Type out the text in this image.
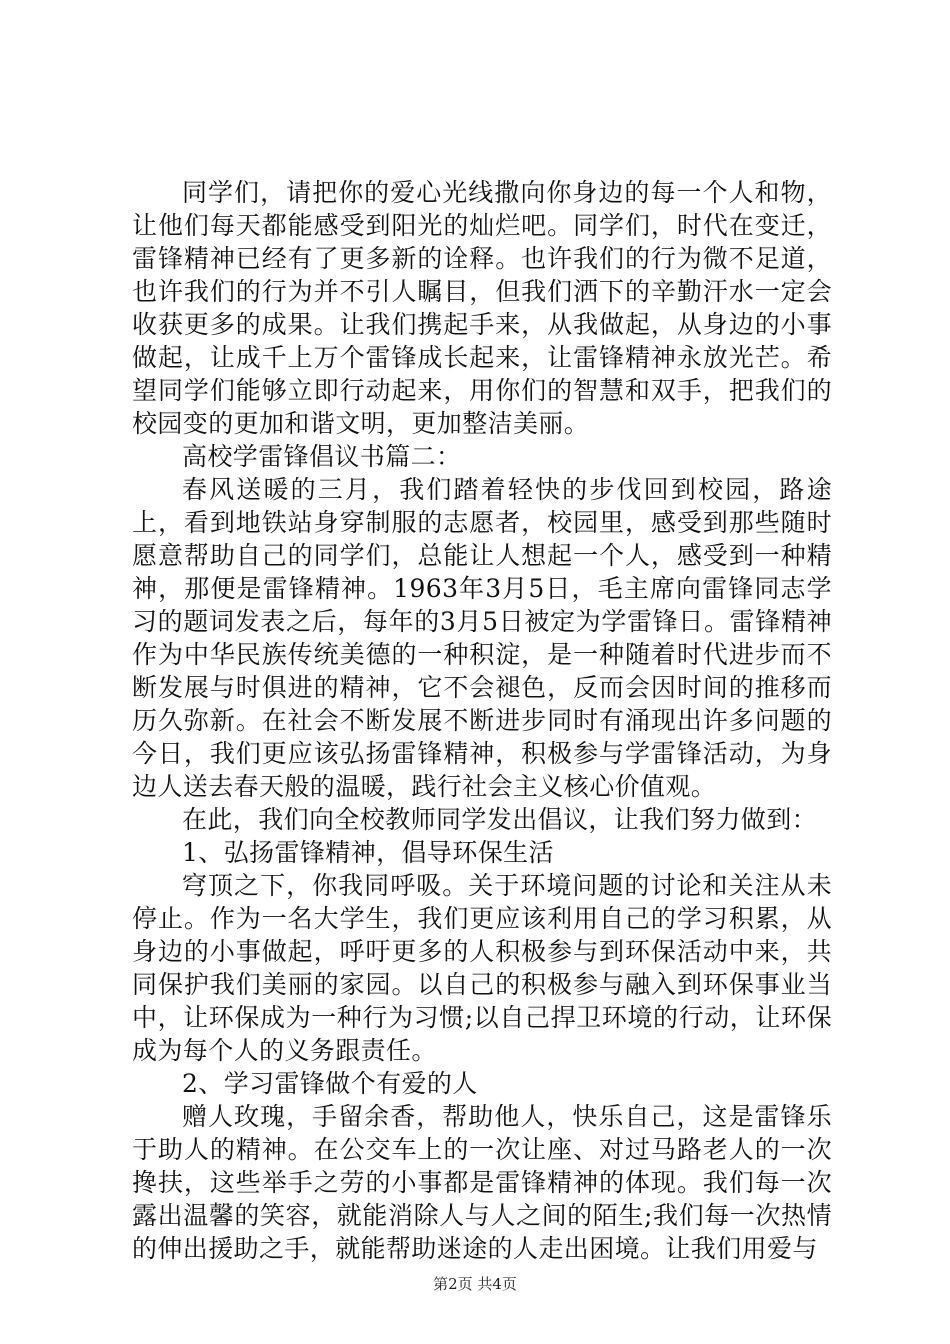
同学们，请把你的爱心光线撒向你身边的每一个人和物，让他们每天都能感受到阳光的灿烂吧。同学们，时代在变迁，雷锋精神已经有了更多新的诠释。也许我们的行为微不足道，也许我们的行为并不引人瞩目，但我们洒下的辛勤汗水一定会收获更多的成果。让我们携起手来，从我做起，从身边的小事做起，让成千上万个雷锋成长起来，让雷锋精神永放光芒。希望同学们能够立即行动起来，用你们的智慧和双手，把我们的校园变的更加和谐文明，更加整洁美丽。

高校学雷锋倡议书篇二：

春风送暖的三月，我们踏着轻快的步伐回到校园，路途上，看到地铁站身穿制服的志愿者，校园里，感受到那些随时愿意帮助自己的同学们，总能让人想起一个人，感受到一种精神，那便是雷锋精神。1963年3月5日，毛主席向雷锋同志学习的题词发表之后，每年的3月5日被定为学雷锋日。雷锋精神作为中华民族传统美德的一种积淀，是一种随着时代进步而不断发展与时俱进的精神，它不会褪色，反而会因时间的推移而历久弥新。在社会不断发展不断进步同时有涌现出许多问题的今日，我们更应该弘扬雷锋精神，积极参与学雷锋活动，为身边人送去春天般的温暖，践行社会主义核心价值观。

在此，我们向全校教师同学发出倡议，让我们努力做到：

1、弘扬雷锋精神，倡导环保生活

穹顶之下，你我同呼吸。关于环境问题的讨论和关注从未停止。作为一名大学生，我们更应该利用自己的学习积累，从身边的小事做起，呼吁更多的人积极参与到环保活动中来，共同保护我们美丽的家园。以自己的积极参与融入到环保事业当中，让环保成为一种行为习惯;以自己捍卫环境的行动，让环保成为每个人的义务跟责任。

2、学习雷锋做个有爱的人

赠人玫瑰，手留余香，帮助他人，快乐自己，这是雷锋乐于助人的精神。在公交车上的一次让座、对过马路老人的一次搀扶，这些举手之劳的小事都是雷锋精神的体现。我们每一次露出温馨的笑容，就能消除人与人之间的陌生;我们每一次热情的伸出援助之手，就能帮助迷途的人走出困境。让我们用爱与

第2页 共4页
